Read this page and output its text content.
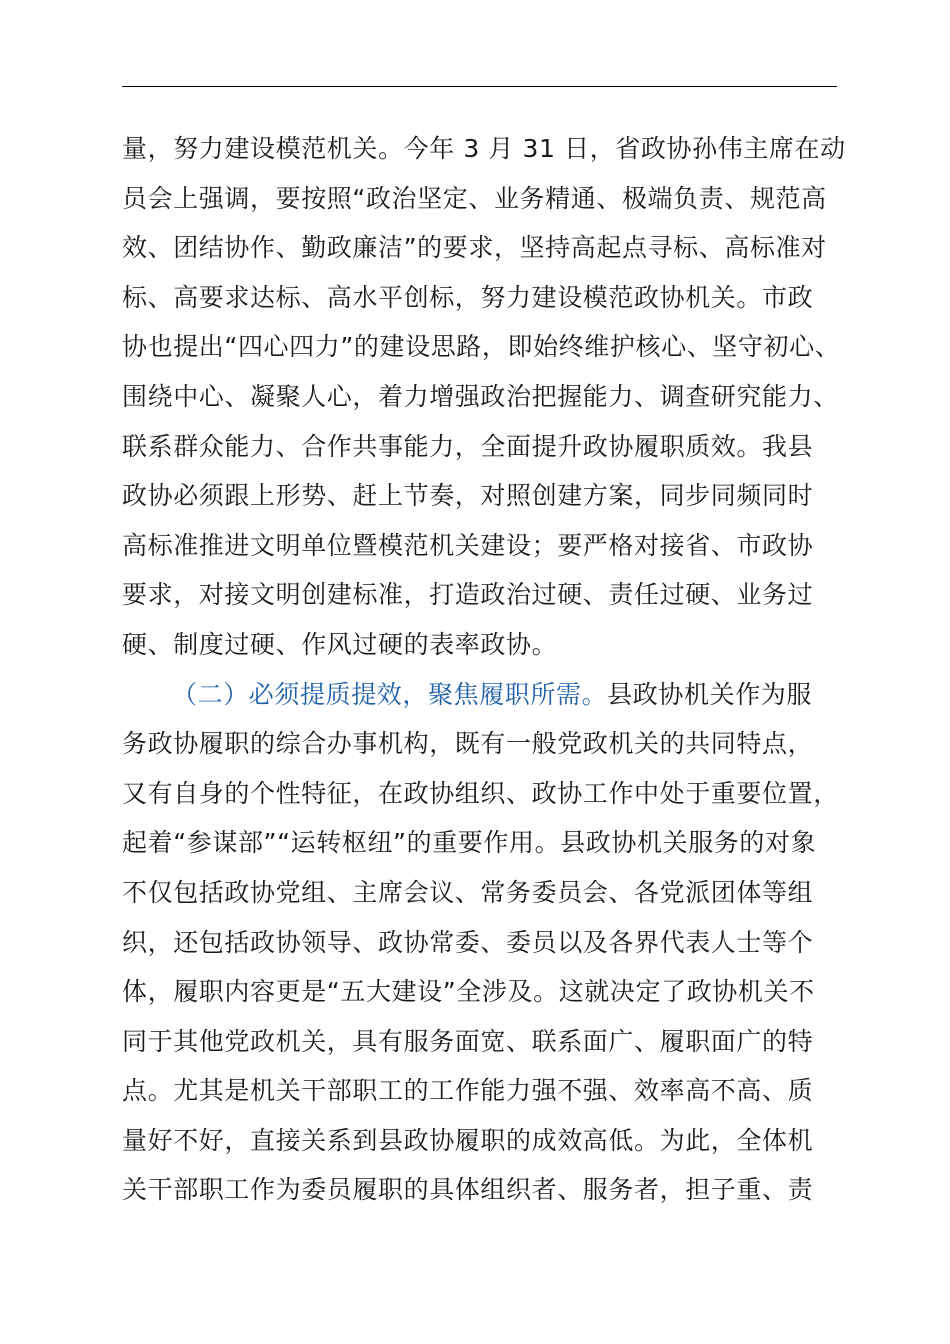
量，努力建设模范机关。今年 3 月 31 日，省政协孙伟主席在动
员会上强调，要按照“政治坚定、业务精通、极端负责、规范高
效、团结协作、勤政廉洁”的要求，坚持高起点寻标、高标准对
标、高要求达标、高水平创标，努力建设模范政协机关。市政
协也提出“四心四力”的建设思路，即始终维护核心、坚守初心、
围绕中心、凝聚人心，着力增强政治把握能力、调查研究能力、
联系群众能力、合作共事能力，全面提升政协履职质效。我县
政协必须跟上形势、赶上节奏，对照创建方案，同步同频同时
高标准推进文明单位暨模范机关建设；要严格对接省、市政协
要求，对接文明创建标准，打造政治过硬、责任过硬、业务过
硬、制度过硬、作风过硬的表率政协。
（二）必须提质提效，聚焦履职所需。县政协机关作为服
务政协履职的综合办事机构，既有一般党政机关的共同特点，
又有自身的个性特征，在政协组织、政协工作中处于重要位置，
起着“参谋部”“运转枢纽”的重要作用。县政协机关服务的对象
不仅包括政协党组、主席会议、常务委员会、各党派团体等组
织，还包括政协领导、政协常委、委员以及各界代表人士等个
体，履职内容更是“五大建设”全涉及。这就决定了政协机关不
同于其他党政机关，具有服务面宽、联系面广、履职面广的特
点。尤其是机关干部职工的工作能力强不强、效率高不高、质
量好不好，直接关系到县政协履职的成效高低。为此，全体机
关干部职工作为委员履职的具体组织者、服务者，担子重、责
